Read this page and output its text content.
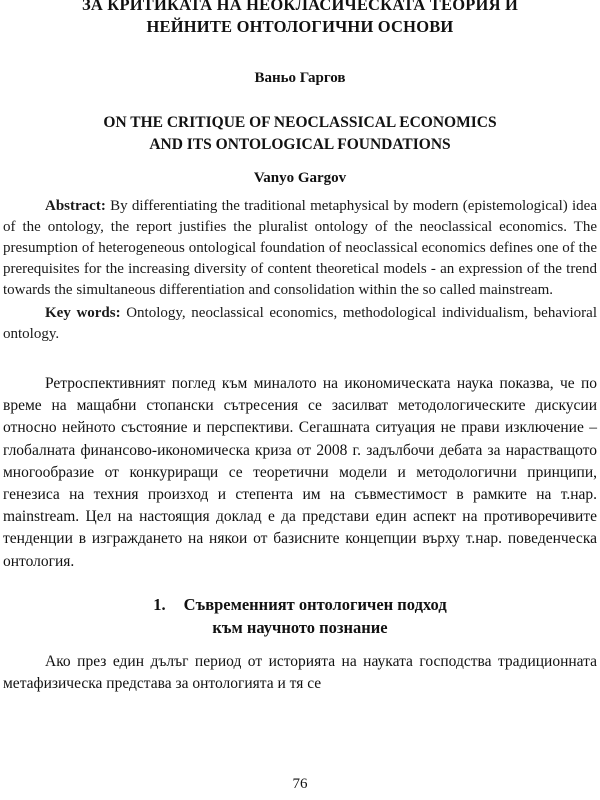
ЗА КРИТИКАТА НА НЕОКЛАСИЧЕСКАТА ТЕОРИЯ И
НЕЙНИТЕ ОНТОЛОГИЧНИ ОСНОВИ
Ваньо Гаргов
ON THE CRITIQUE OF NEOCLASSICAL ECONOMICS
AND ITS ONTOLOGICAL FOUNDATIONS
Vanyo Gargov

Abstract: By differentiating the traditional metaphysical by modern (epistemological) idea of the ontology, the report justifies the pluralist ontology of the neoclassical economics. The presumption of heterogeneous ontological foundation of neoclassical economics defines one of the prerequisites for the increasing diversity of content theoretical models - an expression of the trend towards the simultaneous differentiation and consolidation within the so called mainstream.

Key words: Ontology, neoclassical economics, methodological individualism, behavioral ontology.

Ретроспективният поглед към миналото на икономическата наука показва, че по време на мащабни стопански сътресения се засилват методологическите дискусии относно нейното състояние и перспективи. Сегашната ситуация не прави изключение – глобалната финансово-икономическа криза от 2008 г. задълбочи дебата за нарастващото многообразие от конкуриращи се теоретични модели и методологични принципи, генезиса на техния произход и степента им на съвместимост в рамките на т.нар. mainstream. Цел на настоящия доклад е да представи един аспект на противоречивите тенденции в изграждането на някои от базисните концепции върху т.нар. поведенческа онтология.

1. Съвременният онтологичен подход
към научното познание

Ако през един дълъг период от историята на науката господства традиционната метафизическа представа за онтологията и тя се

76
